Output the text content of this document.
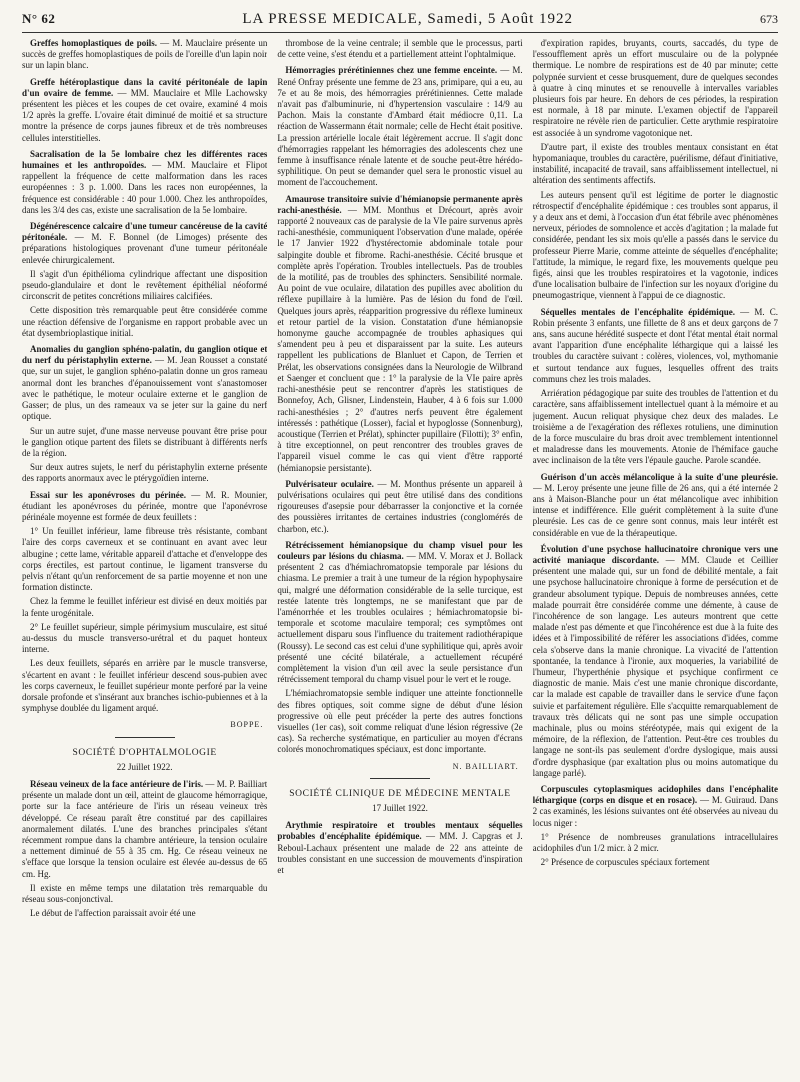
N° 62	LA PRESSE MEDICALE, Samedi, 5 Août 1922	673

Greffes homoplastiques de poils. — M. Mauclaire présente un succès de greffes homoplastiques de poils de l'oreille d'un lapin noir sur un lapin blanc.

Greffe hétéroplastique dans la cavité péritonéale de lapin d'un ovaire de femme. — MM. Mauclaire et Mlle Lachowsky présentent les pièces et les coupes de cet ovaire, examiné 4 mois 1/2 après la greffe. L'ovaire était diminué de moitié et sa structure montre la présence de corps jaunes fibreux et de très nombreuses cellules interstitielles.

Sacralisation de la 5e lombaire chez les différentes races humaines et les anthropoïdes. — MM. Mauclaire et Flipot rappellent la fréquence de cette malformation dans les races européennes : 3 p. 1.000. Dans les races non européennes, la fréquence est considérable : 40 pour 1.000. Chez les anthropoïdes, dans les 3/4 des cas, existe une sacralisation de la 5e lombaire.

Dégénérescence calcaire d'une tumeur cancéreuse de la cavité péritonéale. — M. F. Bonnel (de Limoges) présente des préparations histologiques provenant d'une tumeur péritonéale enlevée chirurgicalement.

Il s'agit d'un épithélioma cylindrique affectant une disposition pseudo-glandulaire et dont le revêtement épithélial néoformé circonscrit de petites concrétions miliaires calcifiées.

Cette disposition très remarquable peut être considérée comme une réaction défensive de l'organisme en rapport probable avec un état dysembrioplastique initial.

Anomalies du ganglion sphéno-palatin, du ganglion otique et du nerf du péristaphylin externe. — M. Jean Rousset a constaté que, sur un sujet, le ganglion sphéno-palatin donne un gros rameau anormal dont les branches d'épanouissement vont s'anastomoser avec le pathétique, le moteur oculaire externe et le ganglion de Gasser; de plus, un des rameaux va se jeter sur la gaine du nerf optique.

Sur un autre sujet, d'une masse nerveuse pouvant être prise pour le ganglion otique partent des filets se distribuant à différents nerfs de la région.

Sur deux autres sujets, le nerf du péristaphylin externe présente des rapports anormaux avec le ptérygoïdien interne.

Essai sur les aponévroses du périnée. — M. R. Mounier, étudiant les aponévroses du périnée, montre que l'aponévrose périnéale moyenne est formée de deux feuillets :

1° Un feuillet inférieur, lame fibreuse très résistante, combant l'aire des corps caverneux et se continuant en avant avec leur albugine ; cette lame, véritable appareil d'attache et d'enveloppe des corps érectiles, est partout continue, le ligament transverse du pelvis n'étant qu'un renforcement de sa partie moyenne et non une formation distincte.

Chez la femme le feuillet inférieur est divisé en deux moitiés par la fente urogénitale.

2° Le feuillet supérieur, simple périmysium musculaire, est situé au-dessus du muscle transverso-urétral et du paquet honteux interne.

Les deux feuillets, séparés en arrière par le muscle transverse, s'écartent en avant : le feuillet inférieur descend sous-pubien avec les corps caverneux, le feuillet supérieur monte perforé par la veine dorsale profonde et s'insérant aux branches ischio-pubiennes et à la symphyse doublée du ligament arqué.

BOPPE.
SOCIÉTÉ D'OPHTALMOLOGIE
22 Juillet 1922.

Réseau veineux de la face antérieure de l'iris. — M. P. Bailliart présente un malade dont un œil, atteint de glaucome hémorragique, porte sur la face antérieure de l'iris un réseau veineux très développé. Ce réseau paraît être constitué par des capillaires anormalement dilatés. L'une des branches principales s'étant récemment rompue dans la chambre antérieure, la tension oculaire a nettement diminué de 55 à 35 cm. Hg. Ce réseau veineux ne s'efface que lorsque la tension oculaire est élevée au-dessus de 65 cm. Hg.

Il existe en même temps une dilatation très remarquable du réseau sous-conjonctival.

Le début de l'affection paraissait avoir été une

thrombose de la veine centrale; il semble que le processus, parti de cette veine, s'est étendu et a partiellement atteint l'ophtalmique.

Hémorragies prérétiniennes chez une femme enceinte. — M. René Onfray présente une femme de 23 ans, primipare, qui a eu, au 7e et au 8e mois, des hémorragies prérétiniennes. Cette malade n'avait pas d'albuminurie, ni d'hypertension vasculaire : 14/9 au Pachon. Mais la constante d'Ambard était médiocre 0,11. La réaction de Wassermann était normale; celle de Hecht était positive. La pression artérielle locale était légèrement accrue. Il s'agit donc d'hémorragies rappelant les hémorragies des adolescents chez une femme à insuffisance rénale latente et de souche peut-être hérédo-syphilitique. On peut se demander quel sera le pronostic visuel au moment de l'accouchement.

Amaurose transitoire suivie d'hémianopsie permanente après rachi-anesthésie. — MM. Monthus et Drécourt, après avoir rapporté 2 nouveaux cas de paralysie de la VIe paire survenus après rachi-anesthésie, communiquent l'observation d'une malade, opérée le 17 Janvier 1922 d'hystérectomie abdominale totale pour salpingite double et fibrome. Rachi-anesthésie. Cécité brusque et complète après l'opération. Troubles intellectuels. Pas de troubles de la motilité, pas de troubles des sphincters. Sensibilité normale. Au point de vue oculaire, dilatation des pupilles avec abolition du réflexe pupillaire à la lumière. Pas de lésion du fond de l'œil. Quelques jours après, réapparition progressive du réflexe lumineux et retour partiel de la vision. Constatation d'une hémianopsie homonyme gauche accompagnée de troubles aphasiques qui s'amendent peu à peu et disparaissent par la suite. Les auteurs rappellent les publications de Blanluet et Capon, de Terrien et Prélat, les observations consignées dans la Neurologie de Wilbrand et Saenger et concluent que : 1° la paralysie de la VIe paire après rachi-anesthésie peut se rencontrer d'après les statistiques de Bonnefoy, Ach, Glisner, Lindenstein, Hauber, 4 à 6 fois sur 1.000 rachi-anesthésies ; 2° d'autres nerfs peuvent être également intéressés : pathétique (Losser), facial et hypoglosse (Sonnenburg), acoustique (Terrien et Prélat), sphincter pupillaire (Filotti); 3° enfin, à titre exceptionnel, on peut rencontrer des troubles graves de l'appareil visuel comme le cas qui vient d'être rapporté (hémianopsie persistante).

Pulvérisateur oculaire. — M. Monthus présente un appareil à pulvérisations oculaires qui peut être utilisé dans des conditions rigoureuses d'asepsie pour débarrasser la conjonctive et la cornée des poussières irritantes de certaines industries (conglomérés de charbon, etc.).

Rétrécissement hémianopsique du champ visuel pour les couleurs par lésions du chiasma. — MM. V. Morax et J. Bollack présentent 2 cas d'hémiachromatopsie temporale par lésions du chiasma. Le premier a trait à une tumeur de la région hypophysaire qui, malgré une déformation considérable de la selle turcique, est restée latente très longtemps, ne se manifestant que par de l'aménorrhée et les troubles oculaires ; hémiachromatopsie bi-temporale et scotome maculaire temporal; ces symptômes ont actuellement disparu sous l'influence du traitement radiothérapique (Roussy). Le second cas est celui d'une syphilitique qui, après avoir présenté une cécité bilatérale, a actuellement récupéré complètement la vision d'un œil avec la seule persistance d'un rétrécissement temporal du champ visuel pour le vert et le rouge.

L'hémiachromatopsie semble indiquer une atteinte fonctionnelle des fibres optiques, soit comme signe de début d'une lésion progressive où elle peut précéder la perte des autres fonctions visuelles (1er cas), soit comme reliquat d'une lésion régressive (2e cas). Sa recherche systématique, en particulier au moyen d'écrans colorés monochromatiques spéciaux, est donc importante.

N. BAILLIART.
SOCIÉTÉ CLINIQUE DE MÉDECINE MENTALE
17 Juillet 1922.

Arythmie respiratoire et troubles mentaux séquelles probables d'encéphalite épidémique. — MM. J. Capgras et J. Reboul-Lachaux présentent une malade de 22 ans atteinte de troubles consistant en une succession de mouvements d'inspiration et

d'expiration rapides, bruyants, courts, saccadés, du type de l'essoufflement après un effort musculaire ou de la polypnée thermique. Le nombre de respirations est de 40 par minute; cette polypnée survient et cesse brusquement, dure de quelques secondes à quatre à cinq minutes et se renouvelle à intervalles variables plusieurs fois par heure. En dehors de ces périodes, la respiration est normale, à 18 par minute. L'examen objectif de l'appareil respiratoire ne révèle rien de particulier. Cette arythmie respiratoire est associée à un syndrome vagotonique net.

D'autre part, il existe des troubles mentaux consistant en état hypomaniaque, troubles du caractère, puérilisme, défaut d'initiative, instabilité, incapacité de travail, sans affaiblissement intellectuel, ni altération des sentiments affectifs.

Les auteurs pensent qu'il est légitime de porter le diagnostic rétrospectif d'encéphalite épidémique : ces troubles sont apparus, il y a deux ans et demi, à l'occasion d'un état fébrile avec phénomènes nerveux, périodes de somnolence et accès d'agitation ; la malade fut considérée, pendant les six mois qu'elle a passés dans le service du professeur Pierre Marie, comme atteinte de séquelles d'encéphalite; l'attitude, la mimique, le regard fixe, les mouvements quelque peu figés, ainsi que les troubles respiratoires et la vagotonie, indices d'une localisation bulbaire de l'infection sur les noyaux d'origine du pneumogastrique, viennent à l'appui de ce diagnostic.

Séquelles mentales de l'encéphalite épidémique. — M. C. Robin présente 3 enfants, une fillette de 8 ans et deux garçons de 7 ans, sans aucune hérédité suspecte et dont l'état mental était normal avant l'apparition d'une encéphalite léthargique qui a laissé les troubles du caractère suivant : colères, violences, vol, mythomanie et surtout tendance aux fugues, lesquelles offrent des traits communs chez les trois malades.

Arriération pédagogique par suite des troubles de l'attention et du caractère, sans affaiblissement intellectuel quant à la mémoire et au jugement. Aucun reliquat physique chez deux des malades. Le troisième a de l'exagération des réflexes rotuliens, une diminution de la force musculaire du bras droit avec tremblement intentionnel et maladresse dans les mouvements. Atonie de l'hémiface gauche avec inclinaison de la tête vers l'épaule gauche. Parole scandée.

Guérison d'un accès mélancolique à la suite d'une pleurésie. — M. Leroy présente une jeune fille de 26 ans, qui a été internée 2 ans à Maison-Blanche pour un état mélancolique avec inhibition intense et indifférence. Elle guérit complètement à la suite d'une pleurésie. Les cas de ce genre sont connus, mais leur intérêt est considérable en vue de la thérapeutique.

Évolution d'une psychose hallucinatoire chronique vers une activité maniaque discordante. — MM. Claude et Ceillier présentent une malade qui, sur un fond de débilité mentale, a fait une psychose hallucinatoire chronique à forme de persécution et de grandeur absolument typique. Depuis de nombreuses années, cette malade pourrait être considérée comme une démente, à cause de l'incohérence de son langage. Les auteurs montrent que cette malade n'est pas démente et que l'incohérence est due à la fuite des idées et à l'impossibilité de référer les associations d'idées, comme cela s'observe dans la manie chronique. La vivacité de l'attention spontanée, la tendance à l'ironie, aux moqueries, la variabilité de l'humeur, l'hyperthénie physique et psychique confirment ce diagnostic de manie. Mais c'est une manie chronique discordante, car la malade est capable de travailler dans le service d'une façon suivie et parfaitement régulière. Elle s'acquitte remarquablement de travaux très délicats qui ne sont pas une simple occupation machinale, plus ou moins stéréotypée, mais qui exigent de la mémoire, de la réflexion, de l'attention. Peut-être ces troubles du langage ne sont-ils pas seulement d'ordre dyslogique, mais aussi d'ordre dysphasique (par exaltation plus ou moins automatique du langage parlé).

Corpuscules cytoplasmiques acidophiles dans l'encéphalite léthargique (corps en disque et en rosace). — M. Guiraud. Dans 2 cas examinés, les lésions suivantes ont été observées au niveau du locus niger :

1° Présence de nombreuses granulations intracellulaires acidophiles d'un 1/2 micr. à 2 micr.

2° Présence de corpuscules spéciaux fortement
